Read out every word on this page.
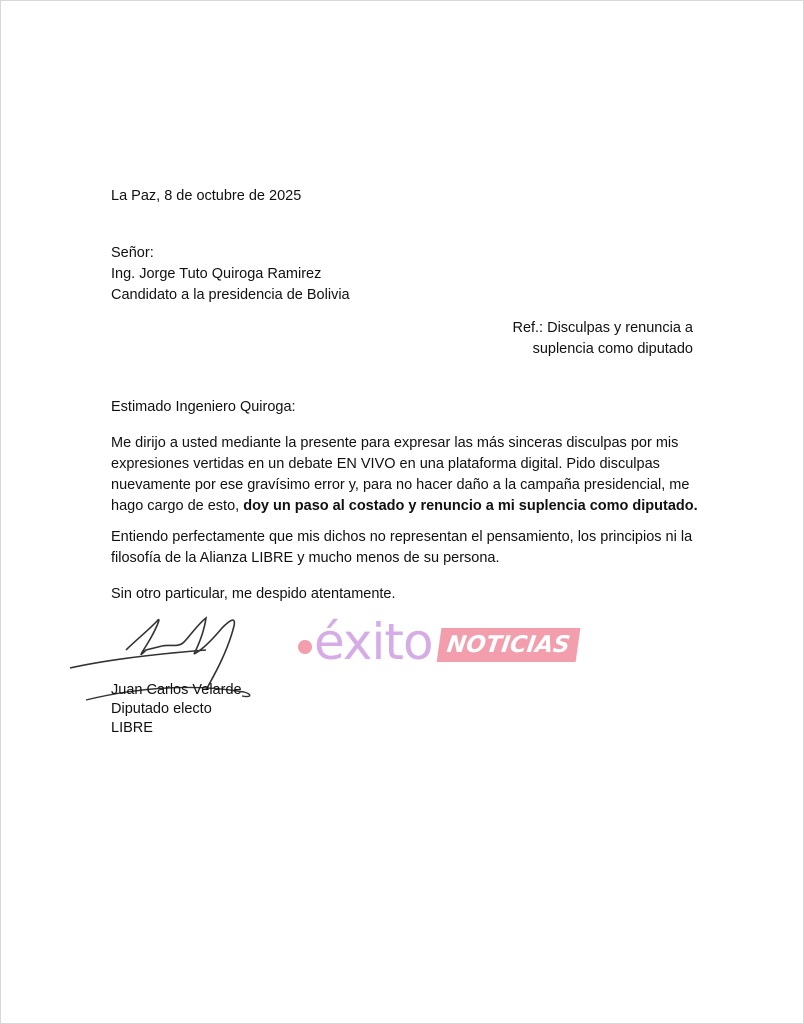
La Paz, 8 de octubre de 2025

Señor:

Ing. Jorge Tuto Quiroga Ramirez

Candidato a la presidencia de Bolivia

Ref.: Disculpas y renuncia a
suplencia como diputado

Estimado Ingeniero Quiroga:

Me dirijo a usted mediante la presente para expresar las más sinceras disculpas por mis expresiones vertidas en un debate EN VIVO en una plataforma digital. Pido disculpas nuevamente por ese gravísimo error y, para no hacer daño a la campaña presidencial, me hago cargo de esto, doy un paso al costado y renuncio a mi suplencia como diputado.

Entiendo perfectamente que mis dichos no representan el pensamiento, los principios ni la filosofía de la Alianza LIBRE y mucho menos de su persona.

Sin otro particular, me despido atentamente.

éxito NOTICIAS

Juan Carlos Velarde

Diputado electo

LIBRE
